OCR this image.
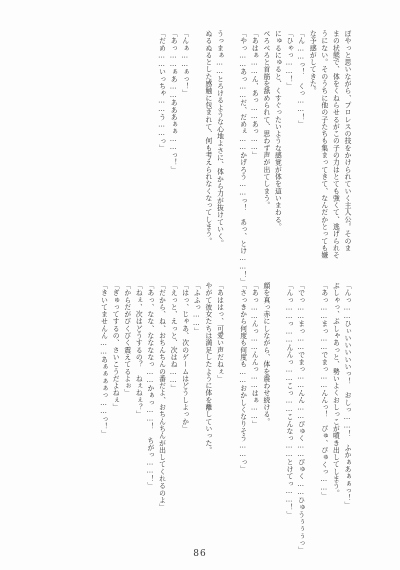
ぼやっと思いながら、プロレスの技をかけられていく主人公。そのま
まの状態で、体をくねらせるがこの子の力はとても強くて、逃げられそ
うにない。そのうちに他の子たちも集まってきて、なんだかとっても嫌
な予感がしてきた。
「ん……っ！　くっ……！」
「ひゃっ……！」
にゅるにゅると、くすぐったいような感覚が体を這いまわる。
べろべろと首筋を舐められて、思わず声が出てしまう。
「あはぁ……ん、あっ……あっ……」
「やっ……あっ……だ、だめぇ……かげろう……っ！　あっ、とけ……！」
うっまぁ……とろけるような心地よさに、体から力が抜けていく。
ぬるぬるとした感触に包まれて、何も考えられなくなってしまう。
「んぁ……ぁっ！」
「あっ……ぁあ……あああぁぁ……っ！」
「だめ……いっちゃ……う……っ」
「んっ……ひぃいいいいいっ！　おしっ……！　ふかぁあぁぁっ！」
ぷしゃっ、ぷしゃあっと、勢いよくおしっこが噴き出してしまう。
「あっ……まっ……でまっ……んんっ！　ぴゅ、ぴゅくっ……」
「でっ……まっ……でまっ……んん……ぴゅく……ぴゅく……ひゅうぅぅぅっ」
「んっ……っ……んんっ……こっ……こんなっ……とけてっ……！」
顔を真っ赤にしながら、体を震わせ続ける。
「あっ……んっ……んんっ……はぁ……」
「さっきから何度も何度も……おかしくなりそう……っ」
「あははっ、可愛い声だねぇ」
やがて彼女たちは満足したように体を離していった。
「ふふっ……」
「はっ、じゃあ、次のゲームはどうしよっか」
「えっと、えっと、次はね……」
「だから、ね、おちんちんの番だよ、おちんちんが出してくれるのよ」
「あっ、なな、ななななっ……かぁっ……！　ちがっ……！」
「ねぇ、次はどうするの？　ねぇねぇ？」
「からだがびくびく震えてるよぉ」
「ぎゅってするの、さいこうだよねぇ」
「きいてませんん……あぁぁぁぁっ……っ！」
86
